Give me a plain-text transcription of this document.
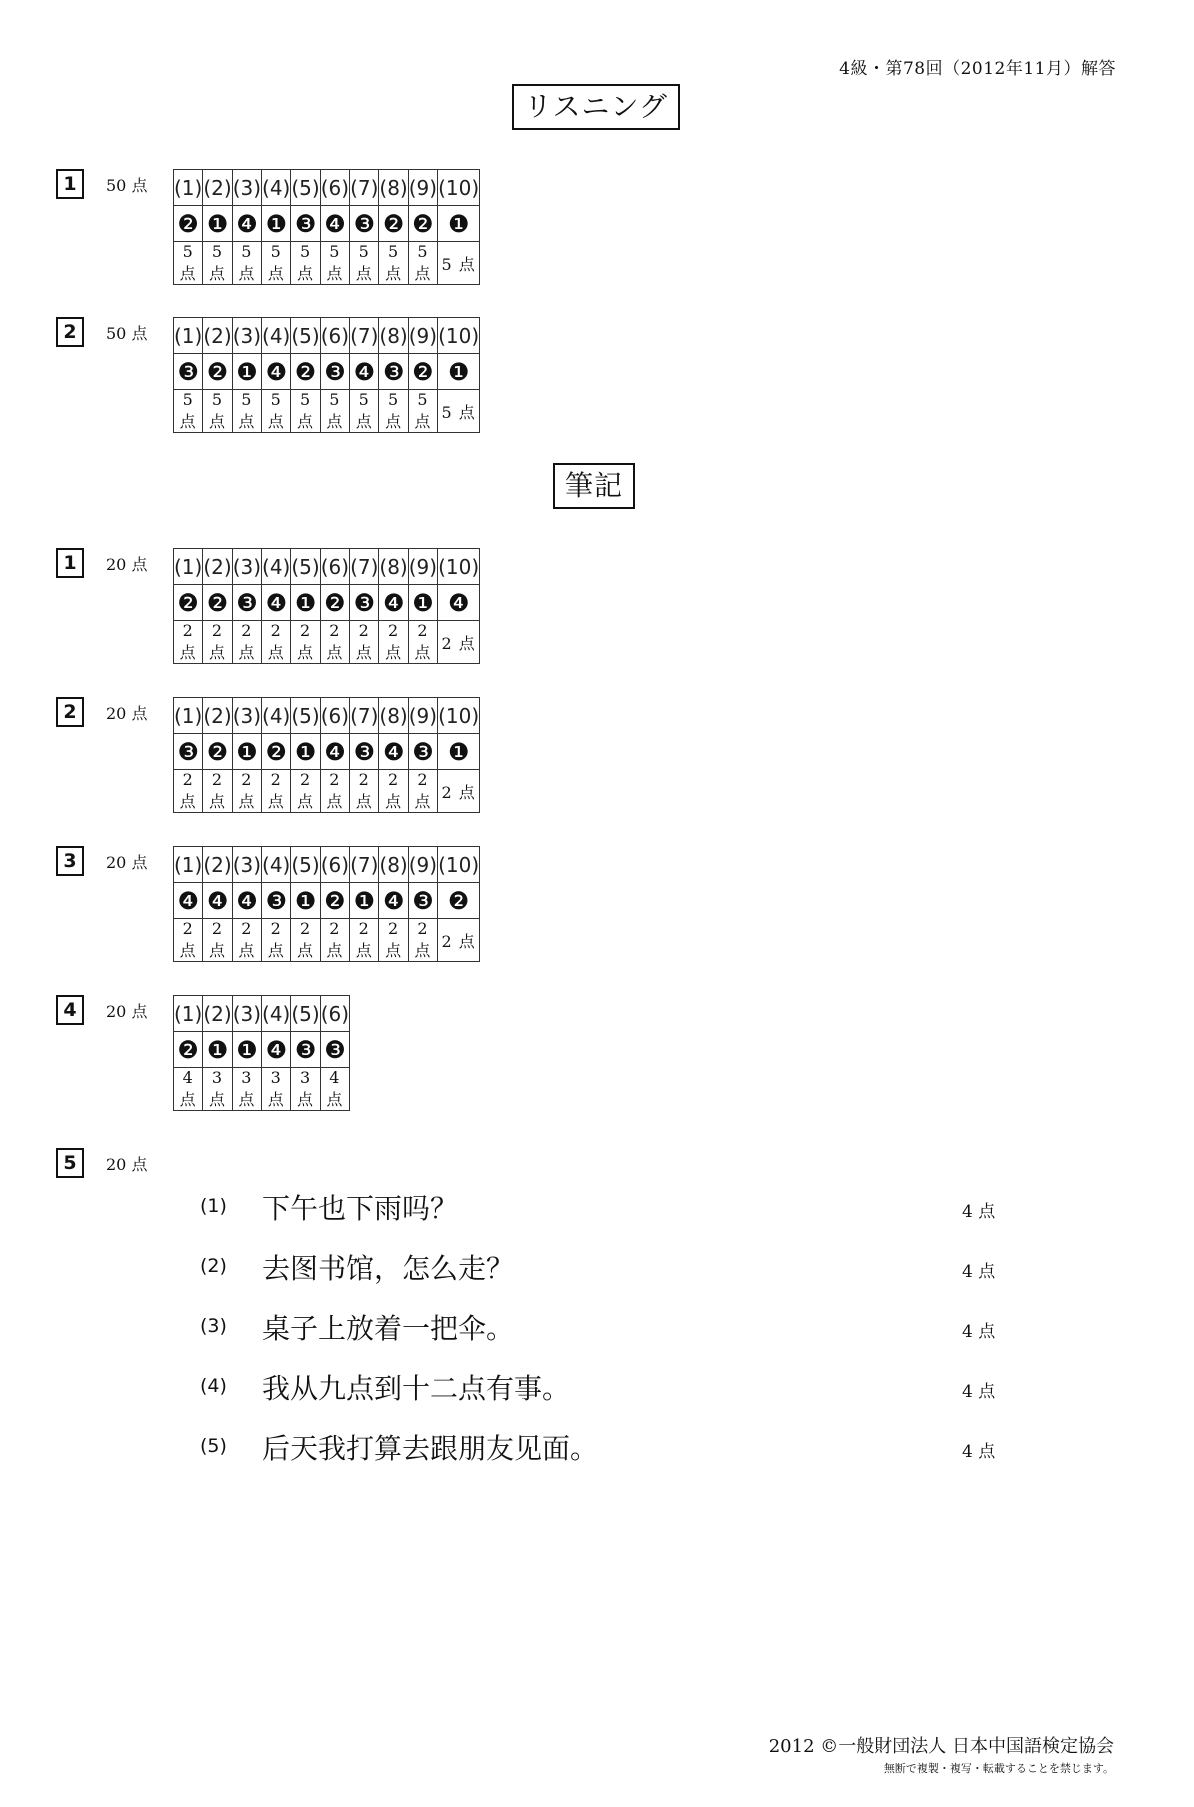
4級・第78回（2012年11月）解答
リスニング
1	50 点 (1)	(2)	(3)	(4)	(5)	(6)	(7)	(8)	(9)	(10)
❷	❶	❹	❶	❸	❹	❸	❷	❷	❶
5 点	5 点	5 点	5 点	5 点	5 点	5 点	5 点	5 点	5 点
2	50 点 (1)	(2)	(3)	(4)	(5)	(6)	(7)	(8)	(9)	(10)
❸	❷	❶	❹	❷	❸	❹	❸	❷	❶
5 点	5 点	5 点	5 点	5 点	5 点	5 点	5 点	5 点	5 点
筆記
1	20 点 (1)	(2)	(3)	(4)	(5)	(6)	(7)	(8)	(9)	(10)
❷	❷	❸	❹	❶	❷	❸	❹	❶	❹
2 点	2 点	2 点	2 点	2 点	2 点	2 点	2 点	2 点	2 点
2	20 点 (1)	(2)	(3)	(4)	(5)	(6)	(7)	(8)	(9)	(10)
❸	❷	❶	❷	❶	❹	❸	❹	❸	❶
2 点	2 点	2 点	2 点	2 点	2 点	2 点	2 点	2 点	2 点
3	20 点 (1)	(2)	(3)	(4)	(5)	(6)	(7)	(8)	(9)	(10)
❹	❹	❹	❸	❶	❷	❶	❹	❸	❷
2 点	2 点	2 点	2 点	2 点	2 点	2 点	2 点	2 点	2 点
4	20 点 (1)	(2)	(3)	(4)	(5)	(6)
❷	❶	❶	❹	❸	❸
4 点	3 点	3 点	3 点	3 点	4 点
5	20 点
(1) 下午也下雨吗？	4 点
(2) 去图书馆，怎么走？	4 点
(3) 桌子上放着一把伞。	4 点
(4) 我从九点到十二点有事。	4 点
(5) 后天我打算去跟朋友见面。	4 点
2012 ©一般財団法人 日本中国語検定協会
無断で複製・複写・転載することを禁じます。
